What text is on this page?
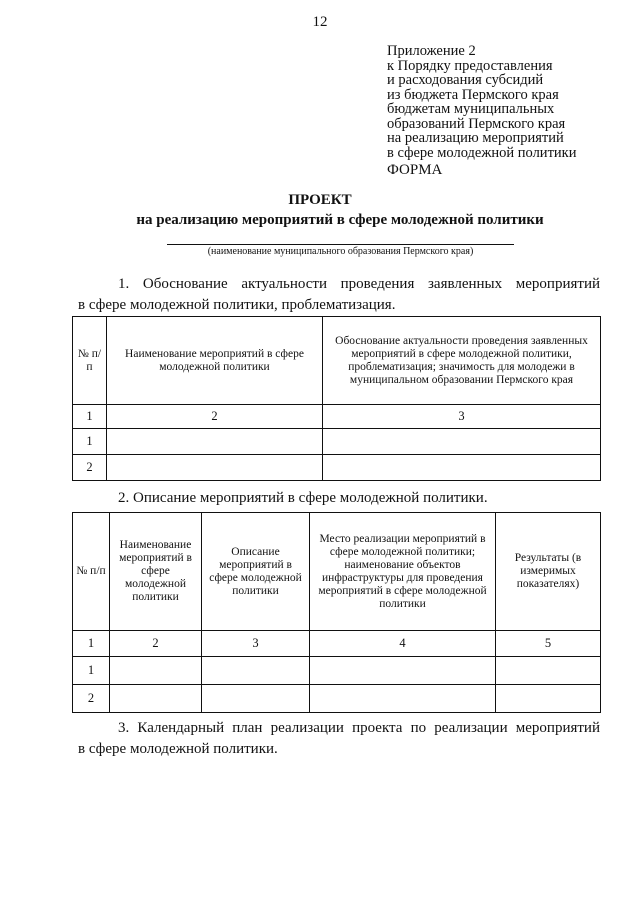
12
Приложение 2
к Порядку предоставления
и расходования субсидий
из бюджета Пермского края
бюджетам муниципальных
образований Пермского края
на реализацию мероприятий
в сфере молодежной политики
ФОРМА
ПРОЕКТ
на реализацию мероприятий в сфере молодежной политики
(наименование муниципального образования Пермского края)
1. Обоснование актуальности проведения заявленных мероприятий
в сфере молодежной политики, проблематизация.
№ п/п	Наименование мероприятий в сфере молодежной политики	Обоснование актуальности проведения заявленных мероприятий в сфере молодежной политики, проблематизация; значимость для молодежи в муниципальном образовании Пермского края
1	2	3
1		
2		
2. Описание мероприятий в сфере молодежной политики.
№ п/п	Наименование мероприятий в сфере молодежной политики	Описание мероприятий в сфере молодежной политики	Место реализации мероприятий в сфере молодежной политики; наименование объектов инфраструктуры для проведения мероприятий в сфере молодежной политики	Результаты (в измеримых показателях)
1	2	3	4	5
1				
2				
3. Календарный план реализации проекта по реализации мероприятий
в сфере молодежной политики.
